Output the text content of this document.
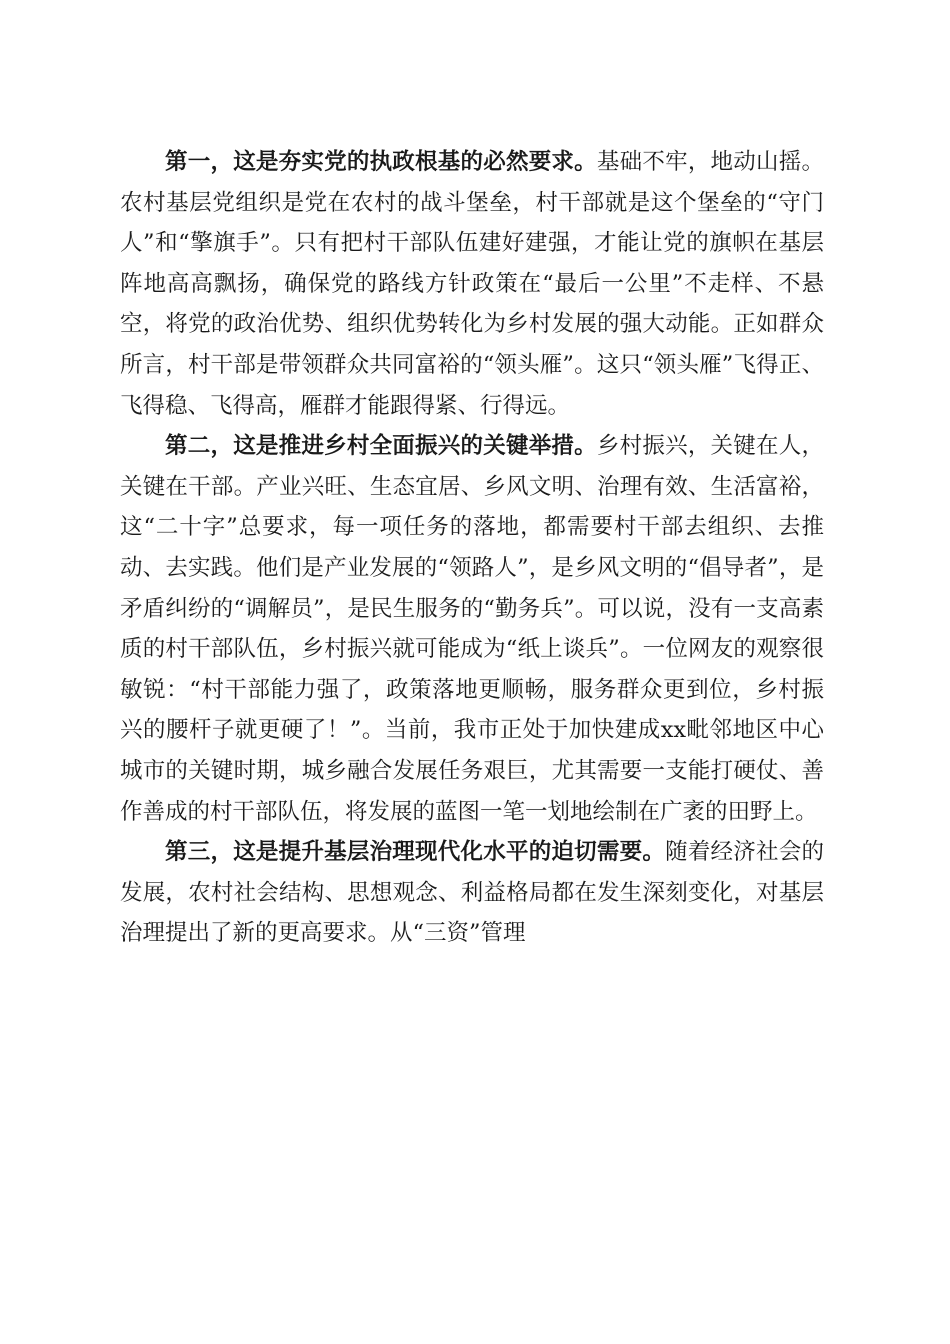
第一，这是夯实党的执政根基的必然要求。基础不牢，地动山摇。农村基层党组织是党在农村的战斗堡垒，村干部就是这个堡垒的“守门人”和“擎旗手”。只有把村干部队伍建好建强，才能让党的旗帜在基层阵地高高飘扬，确保党的路线方针政策在“最后一公里”不走样、不悬空，将党的政治优势、组织优势转化为乡村发展的强大动能。正如群众所言，村干部是带领群众共同富裕的“领头雁”。这只“领头雁”飞得正、飞得稳、飞得高，雁群才能跟得紧、行得远。

第二，这是推进乡村全面振兴的关键举措。乡村振兴，关键在人，关键在干部。产业兴旺、生态宜居、乡风文明、治理有效、生活富裕，这“二十字”总要求，每一项任务的落地，都需要村干部去组织、去推动、去实践。他们是产业发展的“领路人”，是乡风文明的“倡导者”，是矛盾纠纷的“调解员”，是民生服务的“勤务兵”。可以说，没有一支高素质的村干部队伍，乡村振兴就可能成为“纸上谈兵”。一位网友的观察很敏锐：“村干部能力强了，政策落地更顺畅，服务群众更到位，乡村振兴的腰杆子就更硬了！”。当前，我市正处于加快建成xx毗邻地区中心城市的关键时期，城乡融合发展任务艰巨，尤其需要一支能打硬仗、善作善成的村干部队伍，将发展的蓝图一笔一划地绘制在广袤的田野上。

第三，这是提升基层治理现代化水平的迫切需要。随着经济社会的发展，农村社会结构、思想观念、利益格局都在发生深刻变化，对基层治理提出了新的更高要求。从“三资”管理
